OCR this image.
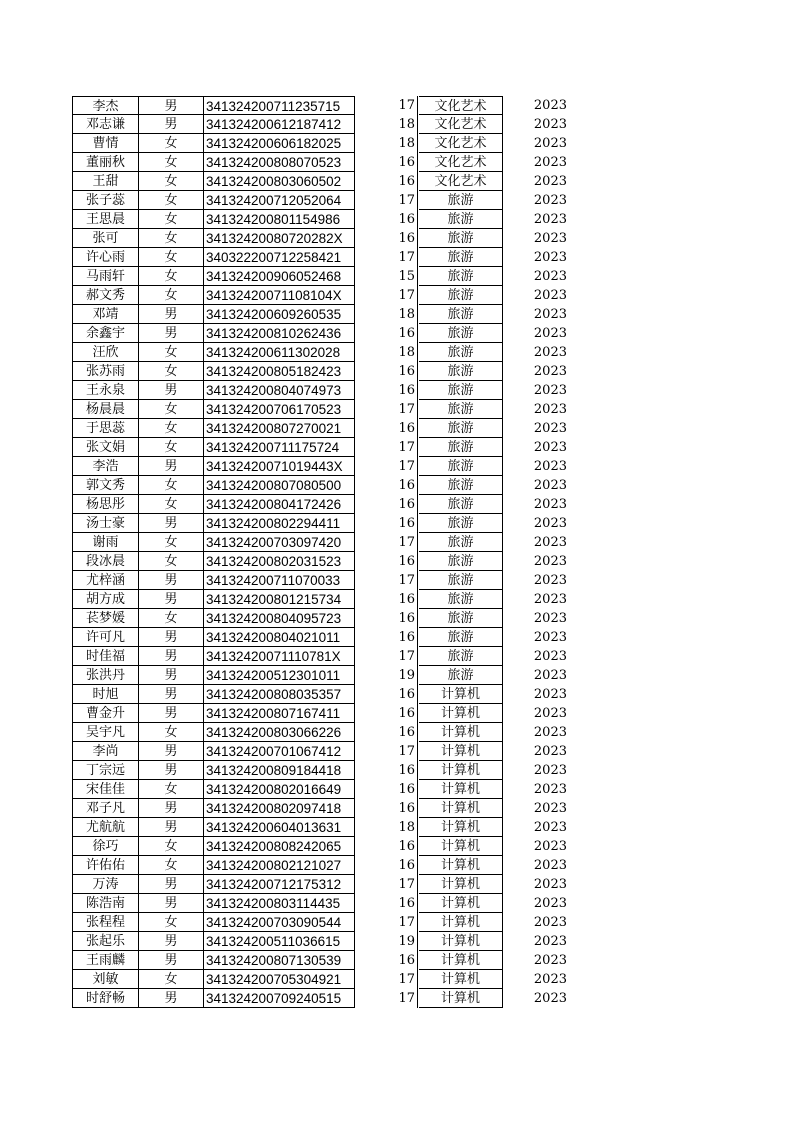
李杰	男	341324200711235715	17	文化艺术	2023
邓志谦	男	341324200612187412	18	文化艺术	2023
曹情	女	341324200606182025	18	文化艺术	2023
董丽秋	女	341324200808070523	16	文化艺术	2023
王甜	女	341324200803060502	16	文化艺术	2023
张子蕊	女	341324200712052064	17	旅游	2023
王思晨	女	341324200801154986	16	旅游	2023
张可	女	34132420080720282X	16	旅游	2023
许心雨	女	340322200712258421	17	旅游	2023
马雨轩	女	341324200906052468	15	旅游	2023
郝文秀	女	34132420071108104X	17	旅游	2023
邓靖	男	341324200609260535	18	旅游	2023
余鑫宇	男	341324200810262436	16	旅游	2023
汪欣	女	341324200611302028	18	旅游	2023
张苏雨	女	341324200805182423	16	旅游	2023
王永泉	男	341324200804074973	16	旅游	2023
杨晨晨	女	341324200706170523	17	旅游	2023
于思蕊	女	341324200807270021	16	旅游	2023
张文娟	女	341324200711175724	17	旅游	2023
李浩	男	34132420071019443X	17	旅游	2023
郭文秀	女	341324200807080500	16	旅游	2023
杨思彤	女	341324200804172426	16	旅游	2023
汤士豪	男	341324200802294411	16	旅游	2023
谢雨	女	341324200703097420	17	旅游	2023
段冰晨	女	341324200802031523	16	旅游	2023
尤梓涵	男	341324200711070033	17	旅游	2023
胡方成	男	341324200801215734	16	旅游	2023
苌梦媛	女	341324200804095723	16	旅游	2023
许可凡	男	341324200804021011	16	旅游	2023
时佳福	男	34132420071110781X	17	旅游	2023
张洪丹	男	341324200512301011	19	旅游	2023
时旭	男	341324200808035357	16	计算机	2023
曹金升	男	341324200807167411	16	计算机	2023
吴宇凡	女	341324200803066226	16	计算机	2023
李尚	男	341324200701067412	17	计算机	2023
丁宗远	男	341324200809184418	16	计算机	2023
宋佳佳	女	341324200802016649	16	计算机	2023
邓子凡	男	341324200802097418	16	计算机	2023
尤航航	男	341324200604013631	18	计算机	2023
徐巧	女	341324200808242065	16	计算机	2023
许佑佑	女	341324200802121027	16	计算机	2023
万涛	男	341324200712175312	17	计算机	2023
陈浩南	男	341324200803114435	16	计算机	2023
张程程	女	341324200703090544	17	计算机	2023
张起乐	男	341324200511036615	19	计算机	2023
王雨麟	男	341324200807130539	16	计算机	2023
刘敏	女	341324200705304921	17	计算机	2023
时舒畅	男	341324200709240515	17	计算机	2023
